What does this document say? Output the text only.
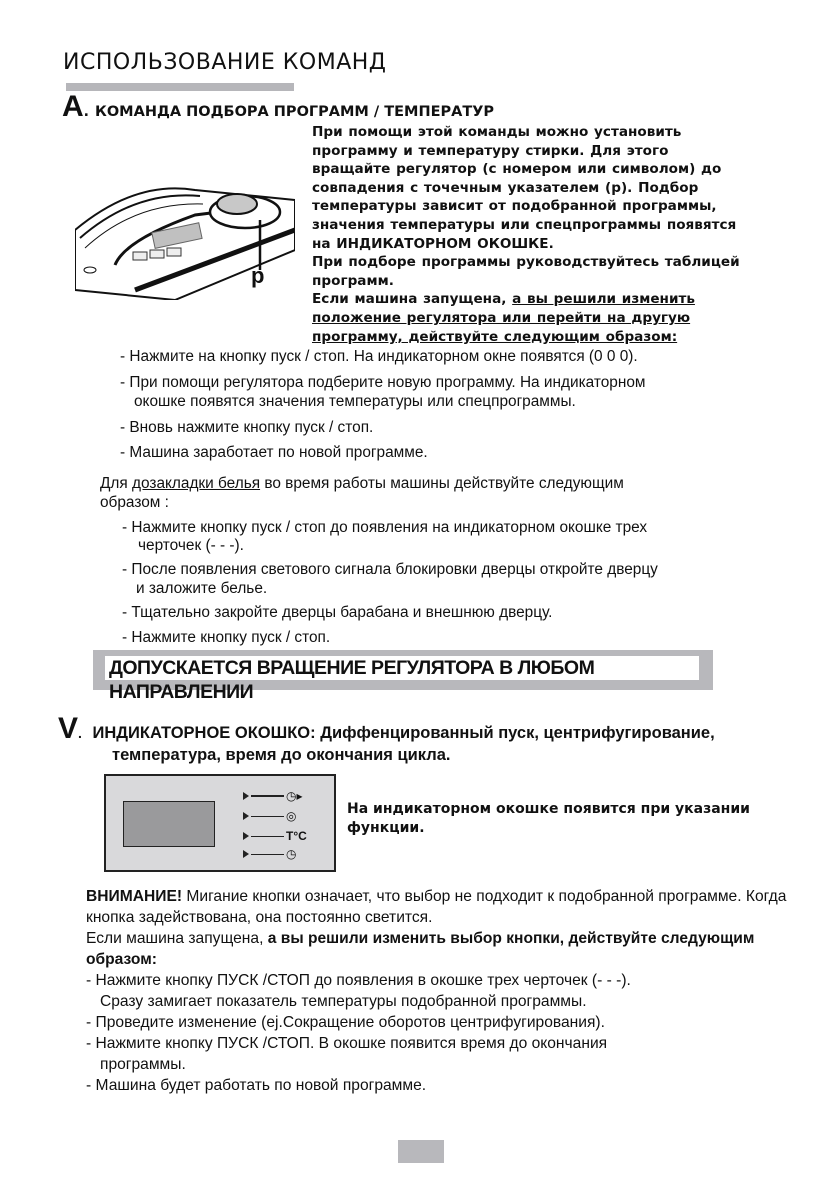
ИСПОЛЬЗОВАНИЕ КОМАНД
A . КОМАНДА ПОДБОРА ПРОГРАММ / ТЕМПЕРАТУР
p
При помощи этой команды можно установить
программу и температуру стирки. Для этого
вращайте регулятор (с номером или символом) до
совпадения с точечным указателем (p). Подбор
температуры зависит от подобранной программы,
значения температуры или спецпрограммы появятся
на ИНДИКАТОРНОМ ОКОШКЕ.
При подборе программы руководствуйтесь таблицей
программ.
Если машина запущена, а вы решили изменить
положение регулятора или перейти на другую
программу, действуйте следующим образом:
- Нажмите на кнопку пуск / стоп. На индикаторном окне появятся (0 0 0).
- При помощи регулятора подберите новую программу. На индикаторном
окошке появятся значения температуры или спецпрограммы.
- Вновь нажмите кнопку пуск / стоп.
- Машина заработает по новой программе.
Для дозакладки белья во время работы машины действуйте следующим
образом :
- Нажмите кнопку пуск / стоп до появления на индикаторном окошке трех
черточек (- - -).
- После появления светового сигнала блокировки дверцы откройте дверцу
и заложите белье.
- Тщательно закройте дверцы барабана и внешнюю дверцу.
- Нажмите кнопку пуск / стоп.
ДОПУСКАЕТСЯ ВРАЩЕНИЕ РЕГУЛЯТОРА В ЛЮБОМ НАПРАВЛЕНИИ
V. ИНДИКАТОРНОЕ ОКОШКО: Диффенцированный пуск, центрифугирование,
температура, время до окончания цикла.
◷▸
◎
T°C
◷
На индикаторном окошке появится при указании функции.
ВНИМАНИЕ! Мигание кнопки означает, что выбор не подходит к подобранной программе. Когда кнопка задействована, она постоянно светится.
Если машина запущена, а вы решили изменить выбор кнопки, действуйте следующим образом:
- Нажмите кнопку ПУСК /СТОП до появления в окошке трех черточек (- - -).
Сразу замигает показатель температуры подобранной программы.
- Проведите изменение (ej.Сокращение оборотов центрифугирования).
- Нажмите кнопку ПУСК /СТОП. В окошке появится время до окончания
программы.
- Машина будет работать по новой программе.
